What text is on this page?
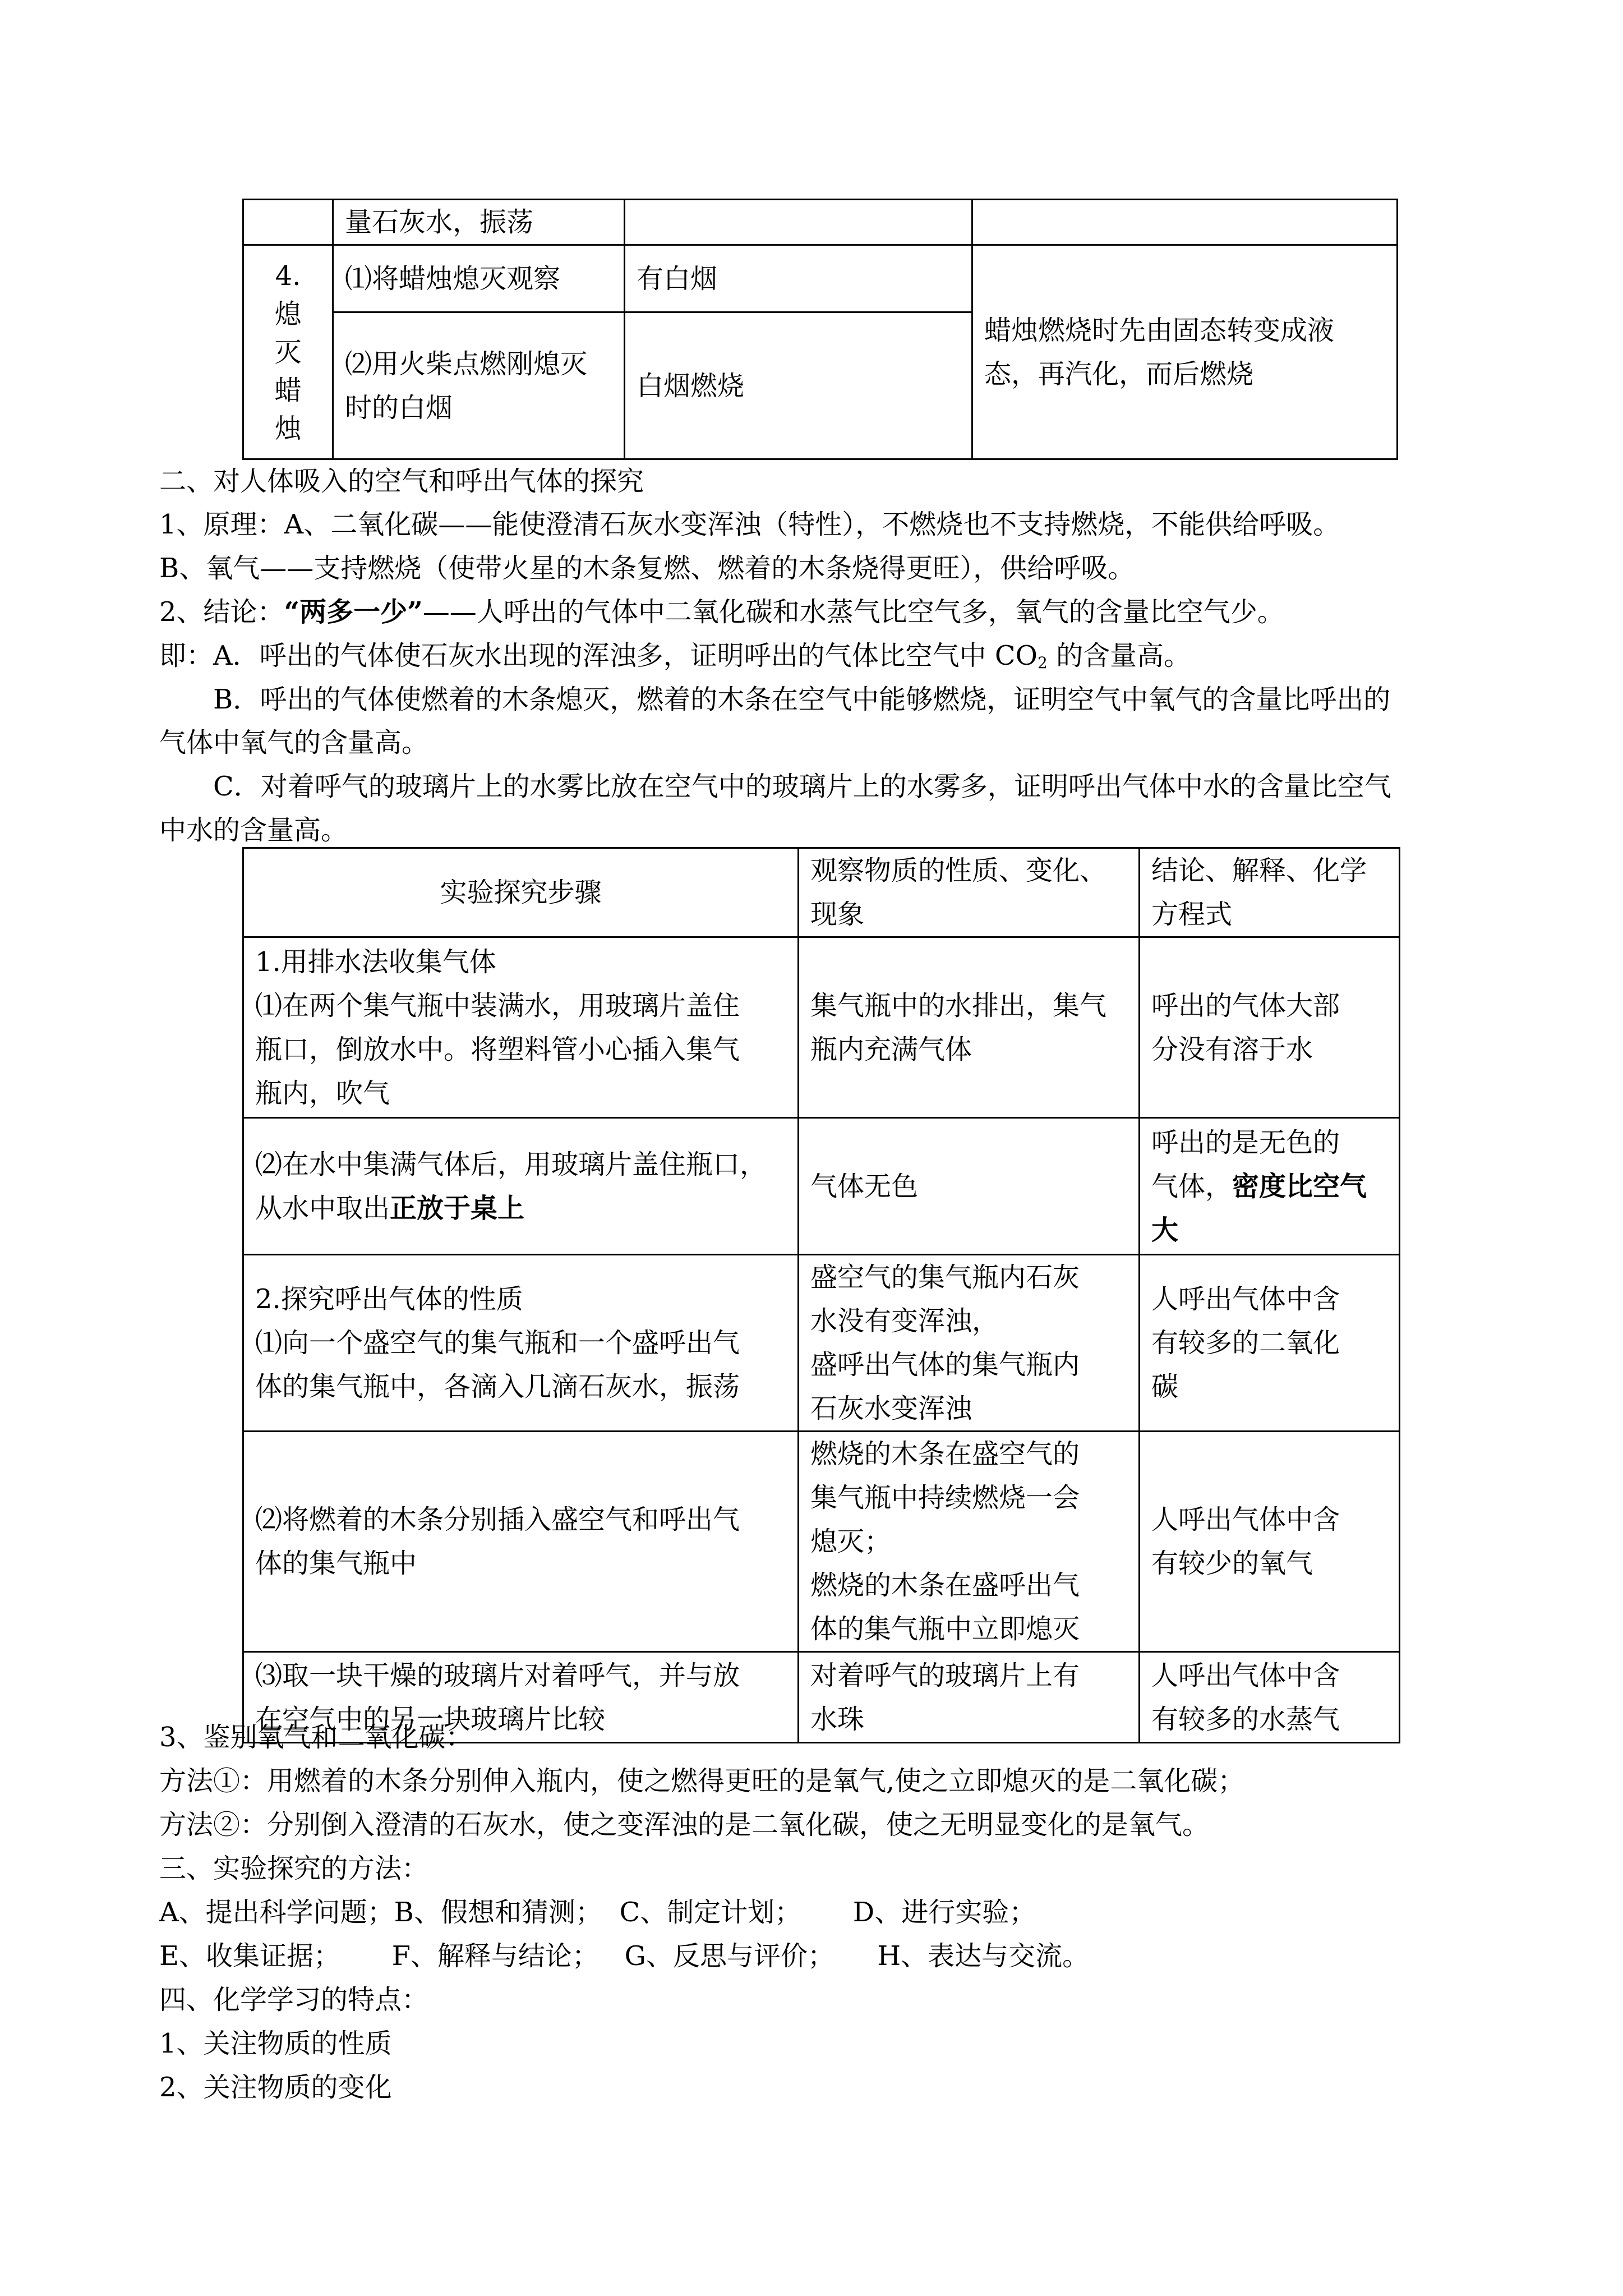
	量石灰水，振荡		

4.
熄
灭
蜡
烛	⑴将蜡烛熄灭观察	有白烟	蜡烛燃烧时先由固态转变成液
态，再汽化，而后燃烧

	⑵用火柴点燃刚熄灭
时的白烟	白烟燃烧	
二、对人体吸入的空气和呼出气体的探究
1、原理：A、二氧化碳——能使澄清石灰水变浑浊（特性），不燃烧也不支持燃烧，不能供给呼吸。
B、氧气——支持燃烧（使带火星的木条复燃、燃着的木条烧得更旺），供给呼吸。
2、结论：“两多一少”——人呼出的气体中二氧化碳和水蒸气比空气多，氧气的含量比空气少。
即：A．呼出的气体使石灰水出现的浑浊多，证明呼出的气体比空气中 $CO_2$ 的含量高。
B．呼出的气体使燃着的木条熄灭，燃着的木条在空气中能够燃烧，证明空气中氧气的含量比呼出的
气体中氧气的含量高。
C．对着呼气的玻璃片上的水雾比放在空气中的玻璃片上的水雾多，证明呼出气体中水的含量比空气
中水的含量高。
实验探究步骤	观察物质的性质、变化、
现象	结论、解释、化学
方程式

1.用排水法收集气体
⑴在两个集气瓶中装满水，用玻璃片盖住
瓶口，倒放水中。将塑料管小心插入集气
瓶内，吹气	集气瓶中的水排出，集气
瓶内充满气体	呼出的气体大部
分没有溶于水

⑵在水中集满气体后，用玻璃片盖住瓶口，
从水中取出正放于桌上	气体无色	呼出的是无色的
气体，密度比空气
大

2.探究呼出气体的性质
⑴向一个盛空气的集气瓶和一个盛呼出气
体的集气瓶中，各滴入几滴石灰水，振荡	盛空气的集气瓶内石灰
水没有变浑浊，
盛呼出气体的集气瓶内
石灰水变浑浊	人呼出气体中含
有较多的二氧化
碳

⑵将燃着的木条分别插入盛空气和呼出气
体的集气瓶中	燃烧的木条在盛空气的
集气瓶中持续燃烧一会
熄灭；
燃烧的木条在盛呼出气
体的集气瓶中立即熄灭	人呼出气体中含
有较少的氧气

⑶取一块干燥的玻璃片对着呼气，并与放
在空气中的另一块玻璃片比较	对着呼气的玻璃片上有
水珠	人呼出气体中含
有较多的水蒸气
3、鉴别氧气和二氧化碳：
方法①：用燃着的木条分别伸入瓶内，使之燃得更旺的是氧气,使之立即熄灭的是二氧化碳；
方法②：分别倒入澄清的石灰水，使之变浑浊的是二氧化碳，使之无明显变化的是氧气。
三、实验探究的方法：
A、提出科学问题；B、假想和猜测；  C、制定计划；      D、进行实验；
E、收集证据；      F、解释与结论；   G、反思与评价；     H、表达与交流。
四、化学学习的特点：
1、关注物质的性质
2、关注物质的变化
